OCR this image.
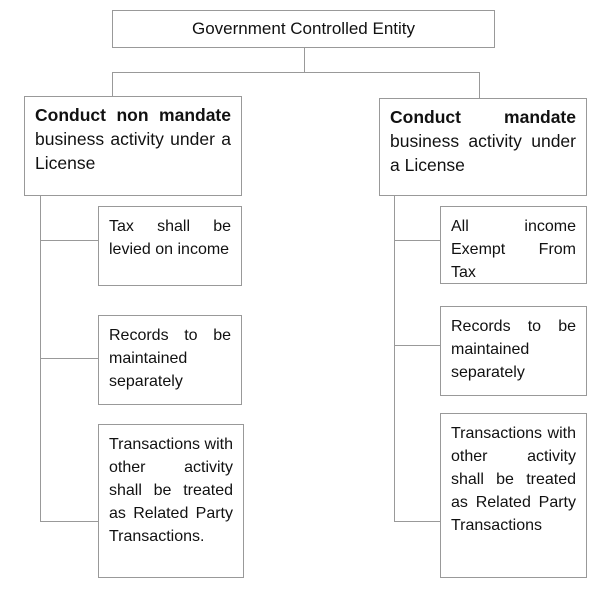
Government Controlled Entity
Conduct non mandate business activity under a License
Tax shall be levied on income
Records to be maintained separately
Transactions with other activity shall be treated as Related Party Transactions.
Conduct mandate business activity under a License
All income Exempt From Tax
Records to be maintained separately
Transactions with other activity shall be treated as Related Party Transactions
